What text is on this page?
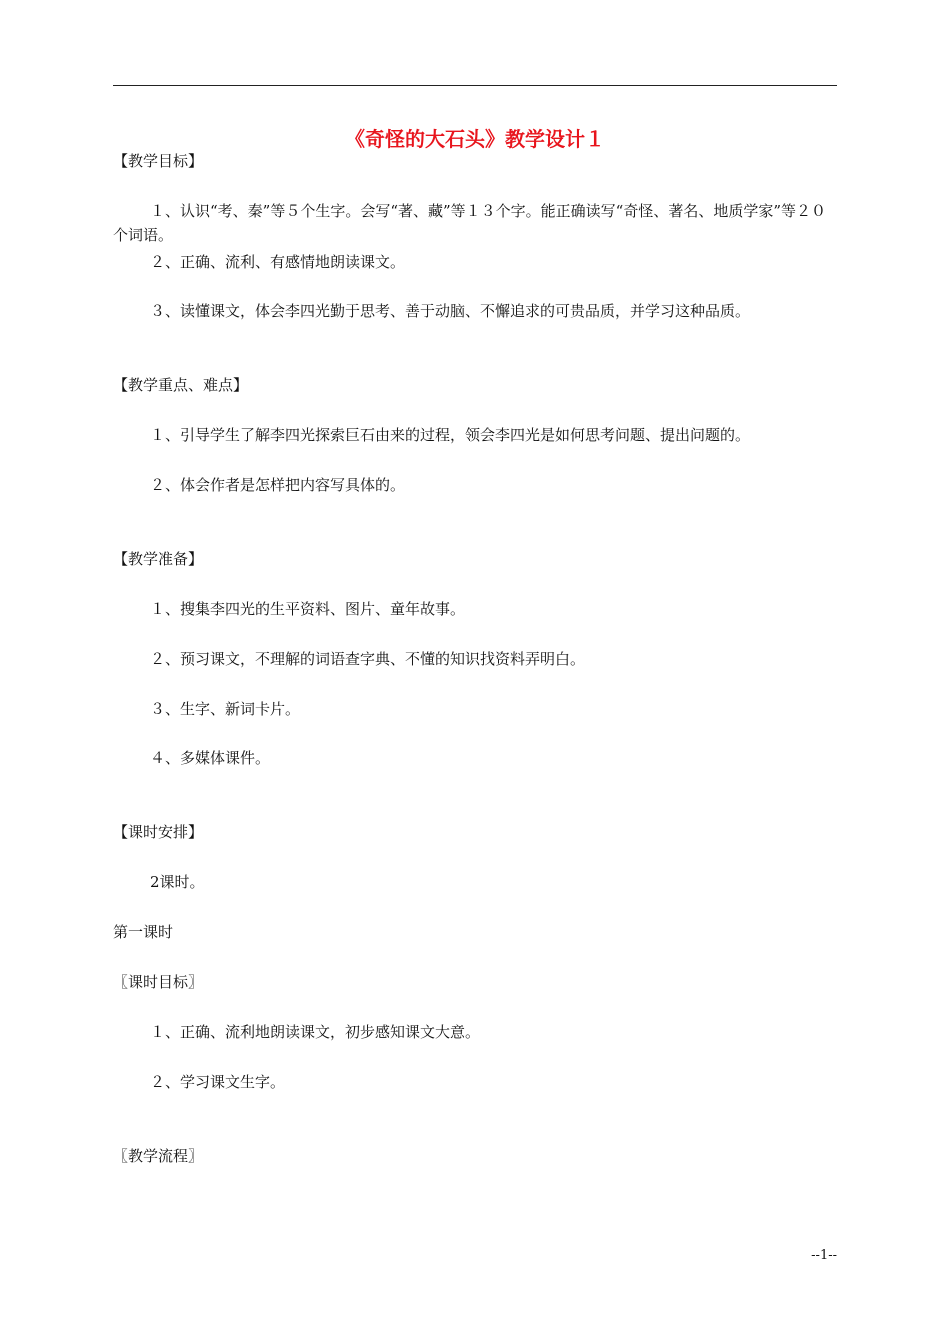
《奇怪的大石头》教学设计１
【教学目标】
１、认识“考、秦”等５个生字。会写“著、藏”等１３个字。能正确读写“奇怪、著名、地质学家”等２０个词语。
２、正确、流利、有感情地朗读课文。
３、读懂课文，体会李四光勤于思考、善于动脑、不懈追求的可贵品质，并学习这种品质。
【教学重点、难点】
１、引导学生了解李四光探索巨石由来的过程，领会李四光是如何思考问题、提出问题的。
２、体会作者是怎样把内容写具体的。
【教学准备】
１、搜集李四光的生平资料、图片、童年故事。
２、预习课文，不理解的词语查字典、不懂的知识找资料弄明白。
３、生字、新词卡片。
４、多媒体课件。
【课时安排】
2课时。
第一课时
〖课时目标〗
１、正确、流利地朗读课文，初步感知课文大意。
２、学习课文生字。
〖教学流程〗
--1--
